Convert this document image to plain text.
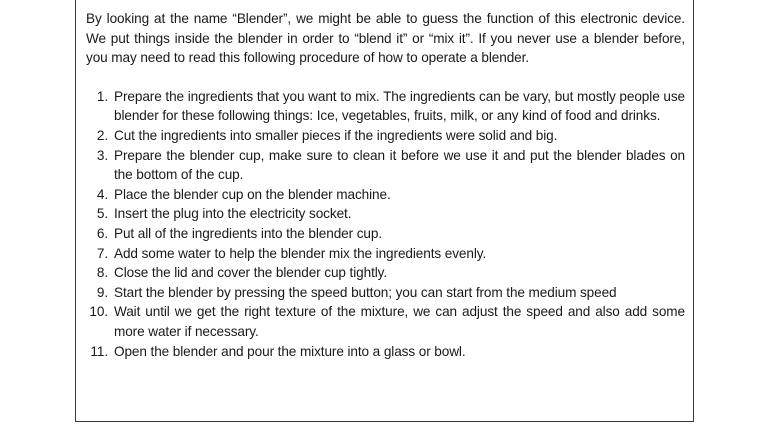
By looking at the name “Blender”, we might be able to guess the function of this electronic device. We put things inside the blender in order to “blend it” or “mix it”. If you never use a blender before, you may need to read this following procedure of how to operate a blender.

1. Prepare the ingredients that you want to mix. The ingredients can be vary, but mostly people use blender for these following things: Ice, vegetables, fruits, milk, or any kind of food and drinks.
2. Cut the ingredients into smaller pieces if the ingredients were solid and big.
3. Prepare the blender cup, make sure to clean it before we use it and put the blender blades on the bottom of the cup.
4. Place the blender cup on the blender machine.
5. Insert the plug into the electricity socket.
6. Put all of the ingredients into the blender cup.
7. Add some water to help the blender mix the ingredients evenly.
8. Close the lid and cover the blender cup tightly.
9. Start the blender by pressing the speed button; you can start from the medium speed
10. Wait until we get the right texture of the mixture, we can adjust the speed and also add some more water if necessary.
11. Open the blender and pour the mixture into a glass or bowl.
